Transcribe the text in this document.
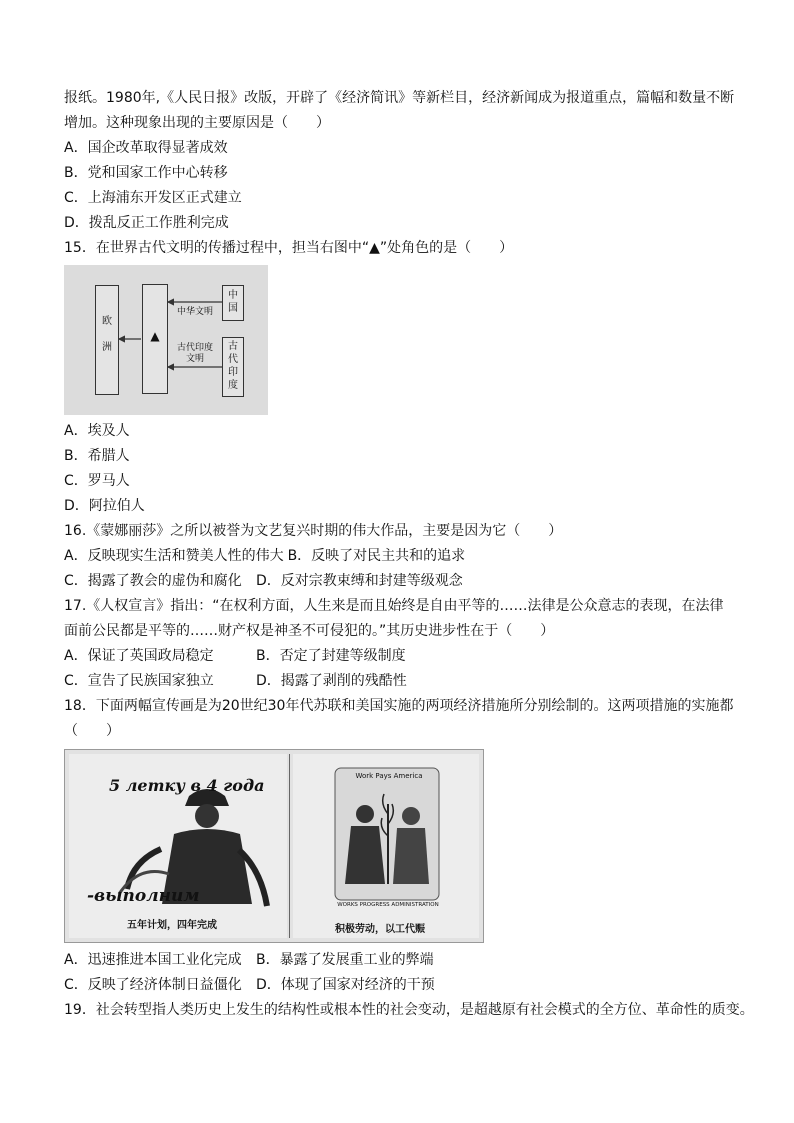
报纸。1980年,《人民日报》改版，开辟了《经济简讯》等新栏目，经济新闻成为报道重点，篇幅和数量不断
增加。这种现象出现的主要原因是（　　）
A．国企改革取得显著成效
B．党和国家工作中心转移
C．上海浦东开发区正式建立
D．拨乱反正工作胜利完成
15．在世界古代文明的传播过程中，担当右图中“▲”处角色的是（　　）
欧

洲
▲
中
国
古
代
印
度
中华文明
古代印度
文明
A．埃及人
B．希腊人
C．罗马人
D．阿拉伯人
16.《蒙娜丽莎》之所以被誉为文艺复兴时期的伟大作品，主要是因为它（　　）
A．反映现实生活和赞美人性的伟大 B．反映了对民主共和的追求
C．揭露了教会的虚伪和腐化	D．反对宗教束缚和封建等级观念
17.《人权宣言》指出：“在权利方面，人生来是而且始终是自由平等的……法律是公众意志的表现，在法律
面前公民都是平等的……财产权是神圣不可侵犯的。”其历史进步性在于（　　）
A．保证了英国政局稳定	B．否定了封建等级制度
C．宣告了民族国家独立	D．揭露了剥削的残酷性
18．下面两幅宣传画是为20世纪30年代苏联和美国实施的两项经济措施所分别绘制的。这两项措施的实施都
（　　）
5 летку в 4 года
-выполним
五年计划，四年完成
Work Pays America
WORKS PROGRESS ADMINISTRATION
积极劳动，以工代赈
A．迅速推进本国工业化完成	B．暴露了发展重工业的弊端
C．反映了经济体制日益僵化	D．体现了国家对经济的干预
19．社会转型指人类历史上发生的结构性或根本性的社会变动，是超越原有社会模式的全方位、革命性的质变。
